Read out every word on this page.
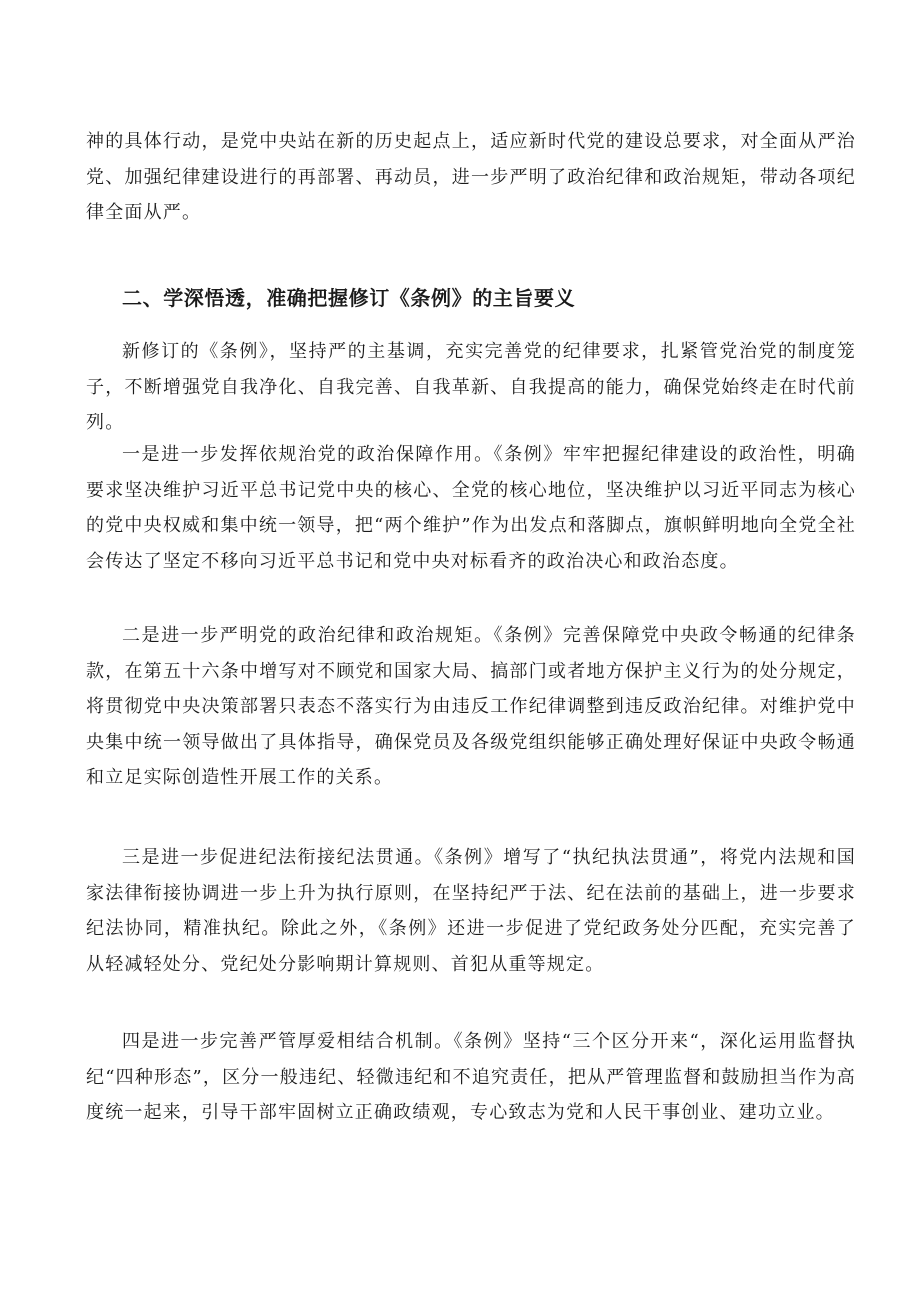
神的具体行动，是党中央站在新的历史起点上，适应新时代党的建设总要求，对全面从严治党、加强纪律建设进行的再部署、再动员，进一步严明了政治纪律和政治规矩，带动各项纪律全面从严。

二、学深悟透，准确把握修订《条例》的主旨要义

新修订的《条例》，坚持严的主基调，充实完善党的纪律要求，扎紧管党治党的制度笼子，不断增强党自我净化、自我完善、自我革新、自我提高的能力，确保党始终走在时代前列。

一是进一步发挥依规治党的政治保障作用。《条例》牢牢把握纪律建设的政治性，明确要求坚决维护习近平总书记党中央的核心、全党的核心地位，坚决维护以习近平同志为核心的党中央权威和集中统一领导，把“两个维护”作为出发点和落脚点，旗帜鲜明地向全党全社会传达了坚定不移向习近平总书记和党中央对标看齐的政治决心和政治态度。

二是进一步严明党的政治纪律和政治规矩。《条例》完善保障党中央政令畅通的纪律条款，在第五十六条中增写对不顾党和国家大局、搞部门或者地方保护主义行为的处分规定，将贯彻党中央决策部署只表态不落实行为由违反工作纪律调整到违反政治纪律。对维护党中央集中统一领导做出了具体指导，确保党员及各级党组织能够正确处理好保证中央政令畅通和立足实际创造性开展工作的关系。

三是进一步促进纪法衔接纪法贯通。《条例》增写了“执纪执法贯通”，将党内法规和国家法律衔接协调进一步上升为执行原则，在坚持纪严于法、纪在法前的基础上，进一步要求纪法协同，精准执纪。除此之外，《条例》还进一步促进了党纪政务处分匹配，充实完善了从轻减轻处分、党纪处分影响期计算规则、首犯从重等规定。

四是进一步完善严管厚爱相结合机制。《条例》坚持“三个区分开来“，深化运用监督执纪“四种形态”，区分一般违纪、轻微违纪和不追究责任，把从严管理监督和鼓励担当作为高度统一起来，引导干部牢固树立正确政绩观，专心致志为党和人民干事创业、建功立业。
